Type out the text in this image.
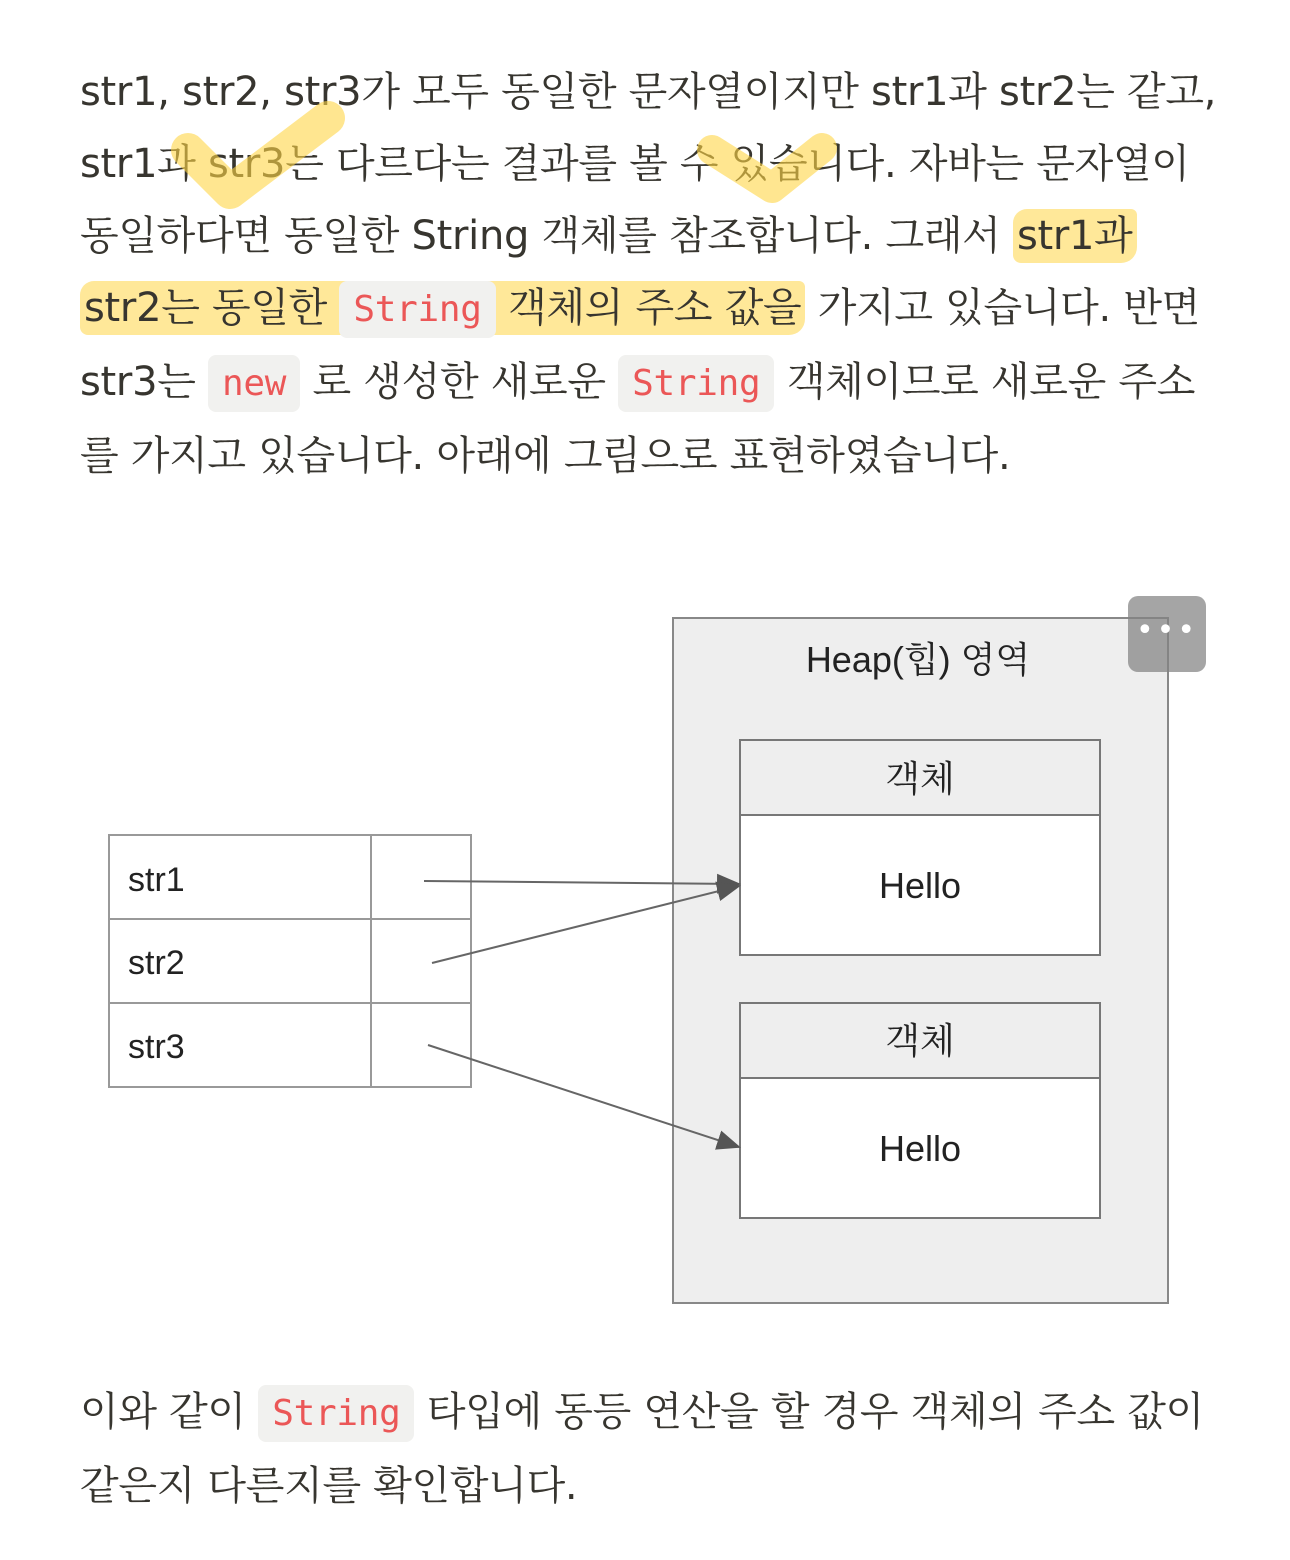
str1, str2, str3가 모두 동일한 문자열이지만 str1과 str2는 같고, str1과 str3는 다르다는 결과를 볼 수 있습니다. 자바는 문자열이 동일하다면 동일한 String 객체를 참조합니다. 그래서 str1과 str2는 동일한 String 객체의 주소 값을 가지고 있습니다. 반면 str3는 new 로 생성한 새로운 String 객체이므로 새로운 주소를 가지고 있습니다. 아래에 그림으로 표현하였습니다.

Heap(힙) 영역
객체
Hello
객체
Hello
str1
str2
str3
•••

이와 같이 String 타입에 동등 연산을 할 경우 객체의 주소 값이 같은지 다른지를 확인합니다.
